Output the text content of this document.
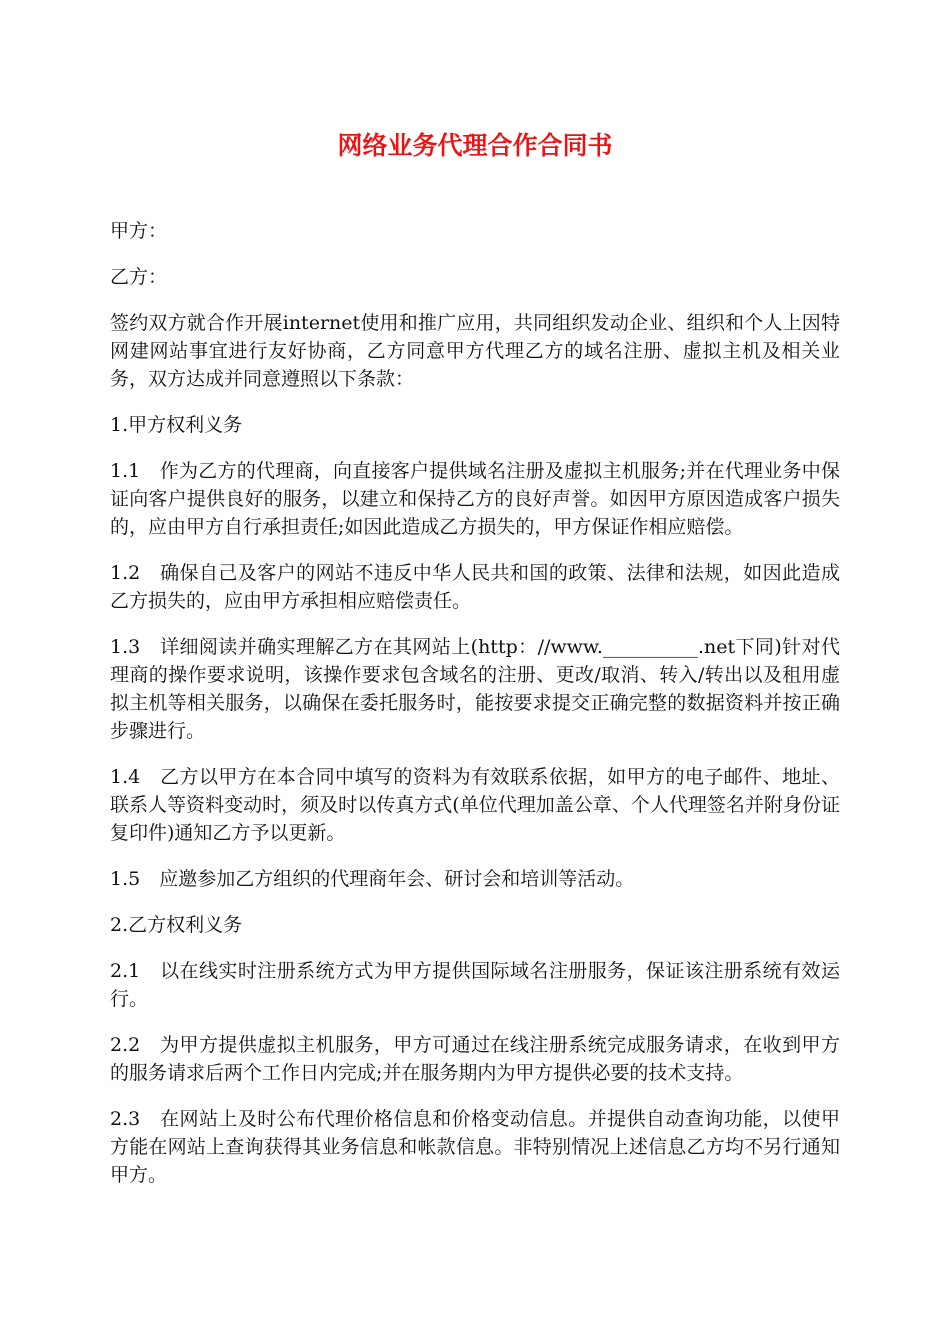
网络业务代理合作合同书

甲方：

乙方：

签约双方就合作开展internet使用和推广应用，共同组织发动企业、组织和个人上因特网建网站事宜进行友好协商，乙方同意甲方代理乙方的域名注册、虚拟主机及相关业务，双方达成并同意遵照以下条款：

1.甲方权利义务

1.1　作为乙方的代理商，向直接客户提供域名注册及虚拟主机服务;并在代理业务中保证向客户提供良好的服务，以建立和保持乙方的良好声誉。如因甲方原因造成客户损失的，应由甲方自行承担责任;如因此造成乙方损失的，甲方保证作相应赔偿。

1.2　确保自己及客户的网站不违反中华人民共和国的政策、法律和法规，如因此造成乙方损失的，应由甲方承担相应赔偿责任。

1.3　详细阅读并确实理解乙方在其网站上(http：//www.__________.net下同)针对代理商的操作要求说明，该操作要求包含域名的注册、更改/取消、转入/转出以及租用虚拟主机等相关服务，以确保在委托服务时，能按要求提交正确完整的数据资料并按正确步骤进行。

1.4　乙方以甲方在本合同中填写的资料为有效联系依据，如甲方的电子邮件、地址、联系人等资料变动时，须及时以传真方式(单位代理加盖公章、个人代理签名并附身份证复印件)通知乙方予以更新。

1.5　应邀参加乙方组织的代理商年会、研讨会和培训等活动。

2.乙方权利义务

2.1　以在线实时注册系统方式为甲方提供国际域名注册服务，保证该注册系统有效运行。

2.2　为甲方提供虚拟主机服务，甲方可通过在线注册系统完成服务请求，在收到甲方的服务请求后两个工作日内完成;并在服务期内为甲方提供必要的技术支持。

2.3　在网站上及时公布代理价格信息和价格变动信息。并提供自动查询功能，以使甲方能在网站上查询获得其业务信息和帐款信息。非特别情况上述信息乙方均不另行通知甲方。
